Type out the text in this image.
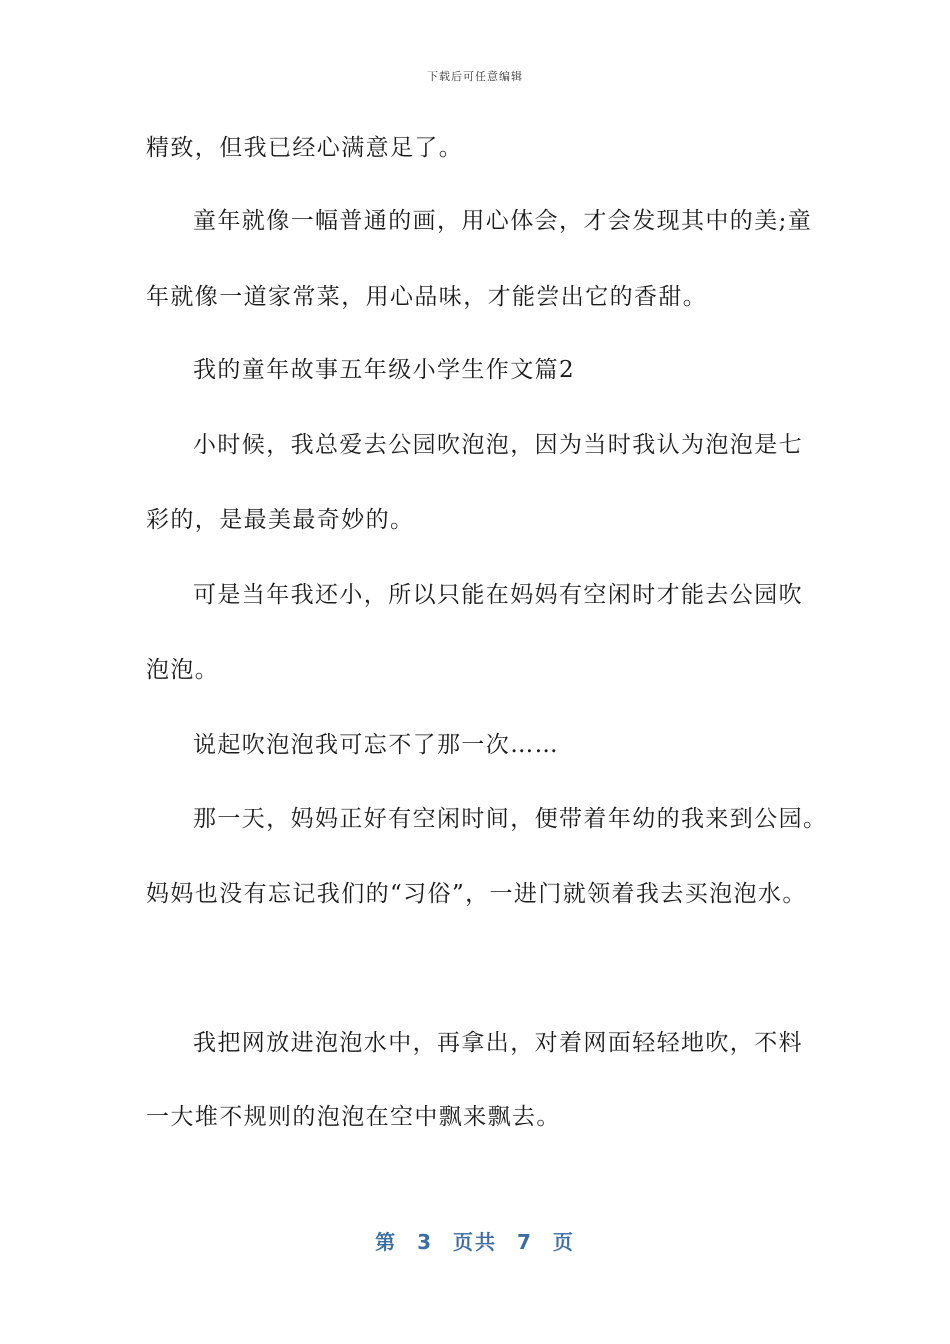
下载后可任意编辑
精致，但我已经心满意足了。
童年就像一幅普通的画，用心体会，才会发现其中的美;童
年就像一道家常菜，用心品味，才能尝出它的香甜。
我的童年故事五年级小学生作文篇2
小时候，我总爱去公园吹泡泡，因为当时我认为泡泡是七
彩的，是最美最奇妙的。
可是当年我还小，所以只能在妈妈有空闲时才能去公园吹
泡泡。
说起吹泡泡我可忘不了那一次……
那一天，妈妈正好有空闲时间，便带着年幼的我来到公园。
妈妈也没有忘记我们的“习俗”，一进门就领着我去买泡泡水。
我把网放进泡泡水中，再拿出，对着网面轻轻地吹，不料
一大堆不规则的泡泡在空中飘来飘去。
第 3 页共 7 页
